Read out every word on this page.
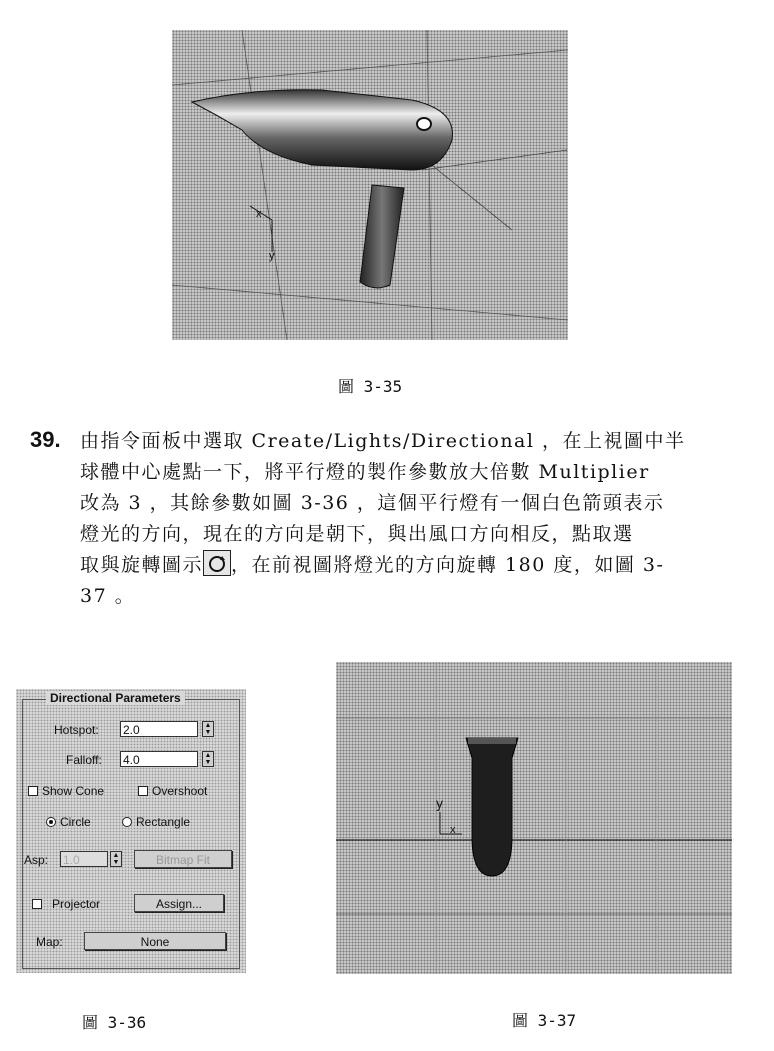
x
y
圖 3-35
39. 由指令面板中選取 Create/Lights/Directional ，在上視圖中半
球體中心處點一下，將平行燈的製作參數放大倍數 Multiplier
改為 3 ，其餘參數如圖 3-36 ，這個平行燈有一個白色箭頭表示
燈光的方向，現在的方向是朝下，與出風口方向相反，點取選
取與旋轉圖示 ，在前視圖將燈光的方向旋轉 180 度，如圖 3-
37 。
Directional Parameters
Hotspot: 2.0	▲
▼
Falloff: 4.0	▲
▼
Show Cone	Overshoot
Circle	Rectangle
Asp: 1.0	▲
▼	Bitmap Fit
Projector	Assign...
Map:	None
y
x
圖 3-36	圖 3-37
